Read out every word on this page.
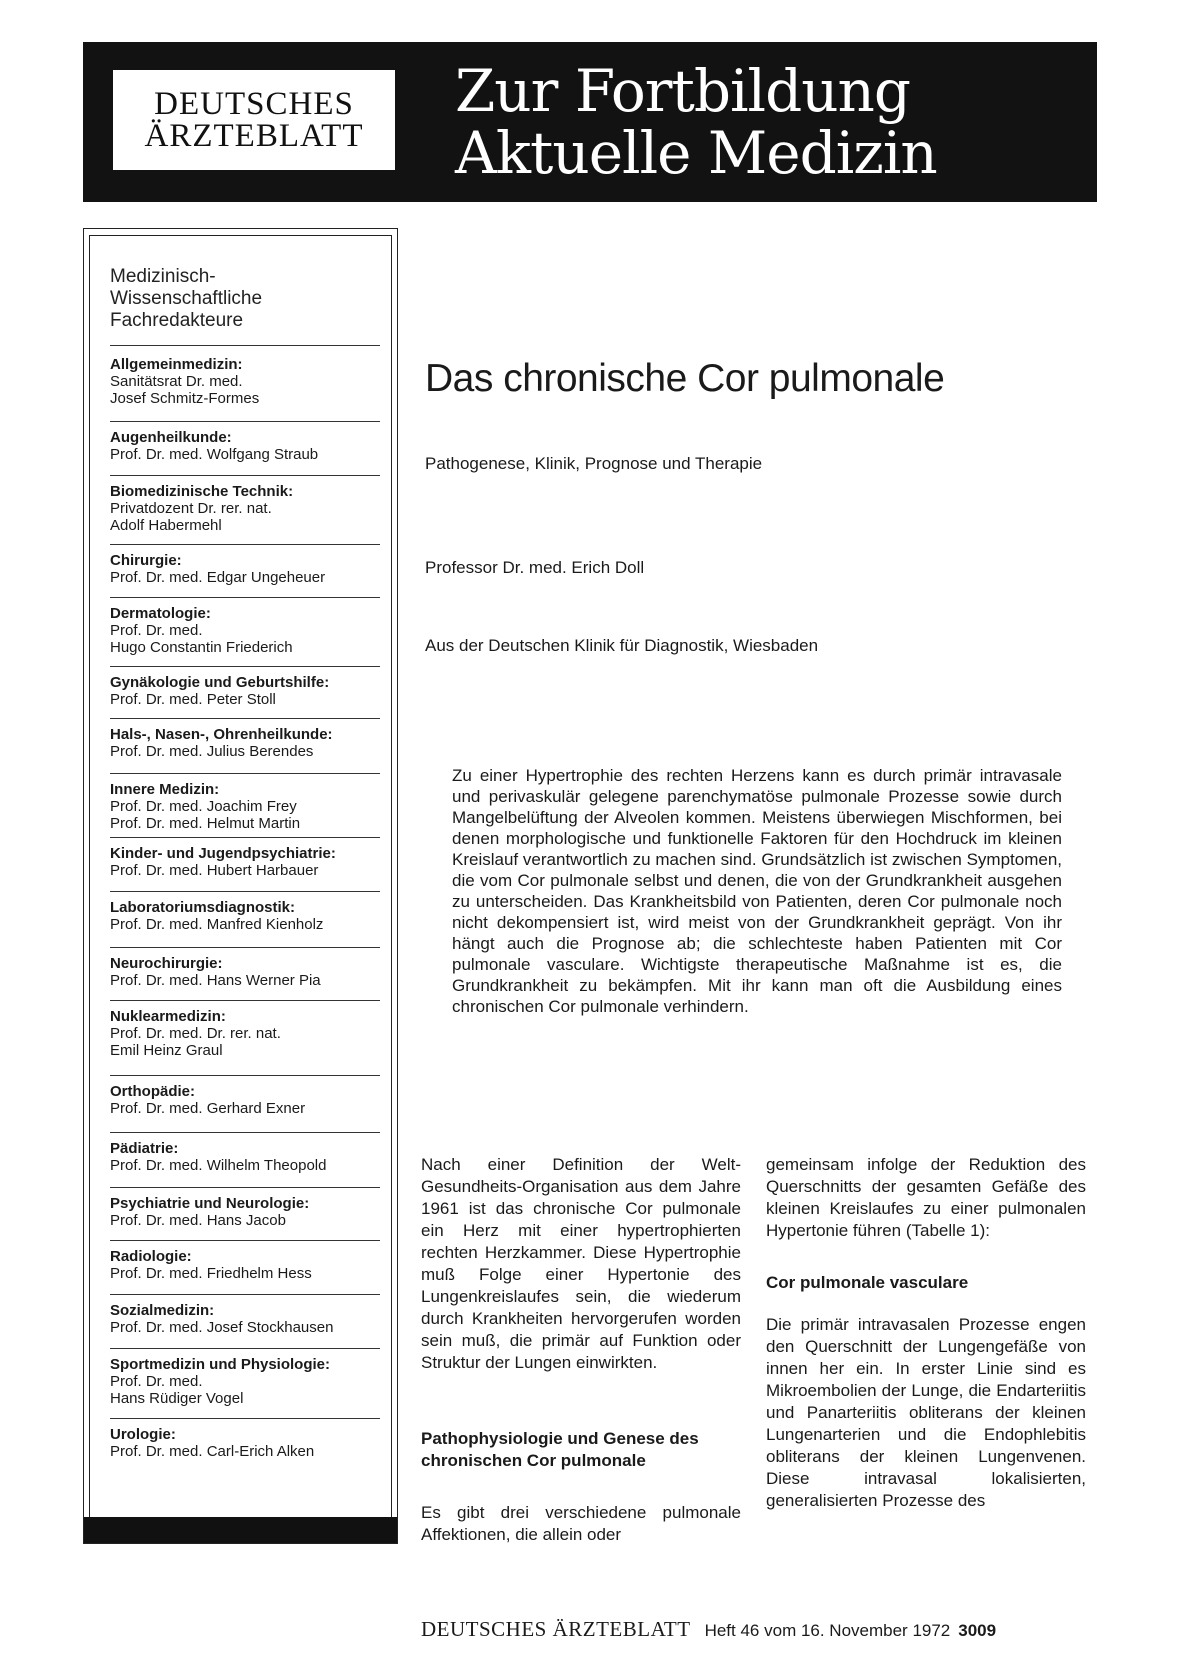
DEUTSCHES
ÄRZTEBLATT
Zur Fortbildung
Aktuelle Medizin
Medizinisch-
Wissenschaftliche
Fachredakteure
Allgemeinmedizin:
Sanitätsrat Dr. med.
Josef Schmitz-Formes
Augenheilkunde:
Prof. Dr. med. Wolfgang Straub
Biomedizinische Technik:
Privatdozent Dr. rer. nat.
Adolf Habermehl
Chirurgie:
Prof. Dr. med. Edgar Ungeheuer
Dermatologie:
Prof. Dr. med.
Hugo Constantin Friederich
Gynäkologie und Geburtshilfe:
Prof. Dr. med. Peter Stoll
Hals-, Nasen-, Ohrenheilkunde:
Prof. Dr. med. Julius Berendes
Innere Medizin:
Prof. Dr. med. Joachim Frey
Prof. Dr. med. Helmut Martin
Kinder- und Jugendpsychiatrie:
Prof. Dr. med. Hubert Harbauer
Laboratoriumsdiagnostik:
Prof. Dr. med. Manfred Kienholz
Neurochirurgie:
Prof. Dr. med. Hans Werner Pia
Nuklearmedizin:
Prof. Dr. med. Dr. rer. nat.
Emil Heinz Graul
Orthopädie:
Prof. Dr. med. Gerhard Exner
Pädiatrie:
Prof. Dr. med. Wilhelm Theopold
Psychiatrie und Neurologie:
Prof. Dr. med. Hans Jacob
Radiologie:
Prof. Dr. med. Friedhelm Hess
Sozialmedizin:
Prof. Dr. med. Josef Stockhausen
Sportmedizin und Physiologie:
Prof. Dr. med.
Hans Rüdiger Vogel
Urologie:
Prof. Dr. med. Carl-Erich Alken
Das chronische Cor pulmonale
Pathogenese, Klinik, Prognose und Therapie
Professor Dr. med. Erich Doll
Aus der Deutschen Klinik für Diagnostik, Wiesbaden
Zu einer Hypertrophie des rechten Herzens kann es durch primär intravasale und perivaskulär gelegene parenchymatöse pulmonale Prozesse sowie durch Mangelbelüftung der Alveolen kommen. Meistens überwiegen Mischformen, bei denen morphologische und funktionelle Faktoren für den Hochdruck im kleinen Kreislauf verantwortlich zu machen sind. Grundsätzlich ist zwischen Symptomen, die vom Cor pulmonale selbst und denen, die von der Grundkrankheit ausgehen zu unterscheiden. Das Krankheitsbild von Patienten, deren Cor pulmonale noch nicht dekompensiert ist, wird meist von der Grundkrankheit geprägt. Von ihr hängt auch die Prognose ab; die schlechteste haben Patienten mit Cor pulmonale vasculare. Wichtigste therapeutische Maßnahme ist es, die Grundkrankheit zu bekämpfen. Mit ihr kann man oft die Ausbildung eines chronischen Cor pulmonale verhindern.

Nach einer Definition der Welt-Gesundheits-Organisation aus dem Jahre 1961 ist das chronische Cor pulmonale ein Herz mit einer hypertrophierten rechten Herzkammer. Diese Hypertrophie muß Folge einer Hypertonie des Lungenkreislaufes sein, die wiederum durch Krankheiten hervorgerufen worden sein muß, die primär auf Funktion oder Struktur der Lungen einwirkten.

Pathophysiologie und Genese des chronischen Cor pulmonale

Es gibt drei verschiedene pulmonale Affektionen, die allein oder

gemeinsam infolge der Reduktion des Querschnitts der gesamten Gefäße des kleinen Kreislaufes zu einer pulmonalen Hypertonie führen (Tabelle 1):

Cor pulmonale vasculare

Die primär intravasalen Prozesse engen den Querschnitt der Lungengefäße von innen her ein. In erster Linie sind es Mikroembolien der Lunge, die Endarteriitis und Panarteriitis obliterans der kleinen Lungenarterien und die Endophlebitis obliterans der kleinen Lungenvenen. Diese intravasal lokalisierten, generalisierten Prozesse des

DEUTSCHES ÄRZTEBLATT Heft 46 vom 16. November 1972 3009
